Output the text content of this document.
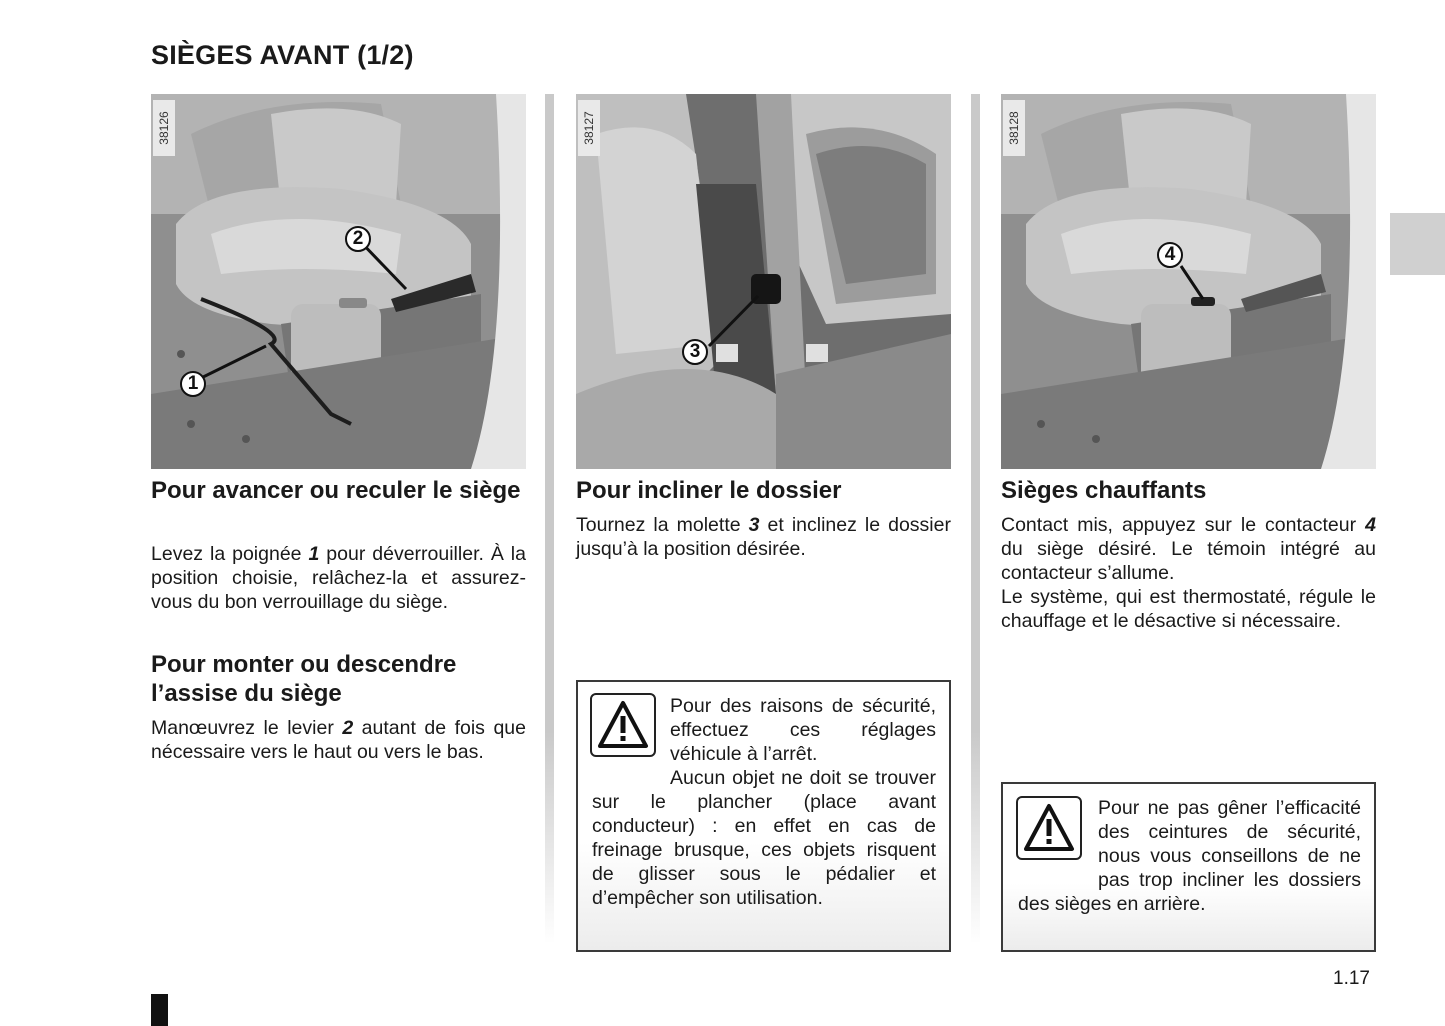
SIÈGES AVANT (1/2)
38126
2
1
38127
3
38128
4
Pour avancer ou reculer le siège

Levez la poignée 1 pour déverrouiller. À la position choisie, relâchez-la et assurez-vous du bon verrouillage du siège.

Pour monter ou descendre l’assise du siège

Manœuvrez le levier 2 autant de fois que nécessaire vers le haut ou vers le bas.

Pour incliner le dossier

Tournez la molette 3 et inclinez le dossier jusqu’à la position désirée.

Pour des raisons de sécurité, effectuez ces réglages véhicule à l’arrêt.
Aucun objet ne doit se trouver sur le plancher (place avant conducteur) : en effet en cas de freinage brusque, ces objets risquent de glisser sous le pédalier et d’empêcher son utilisation.

Sièges chauffants

Contact mis, appuyez sur le contacteur 4 du siège désiré. Le témoin intégré au contacteur s’allume.
Le système, qui est thermostaté, régule le chauffage et le désactive si nécessaire.

Pour ne pas gêner l’efficacité des ceintures de sécurité, nous vous conseillons de ne pas trop incliner les dossiers des sièges en arrière.

1.17
